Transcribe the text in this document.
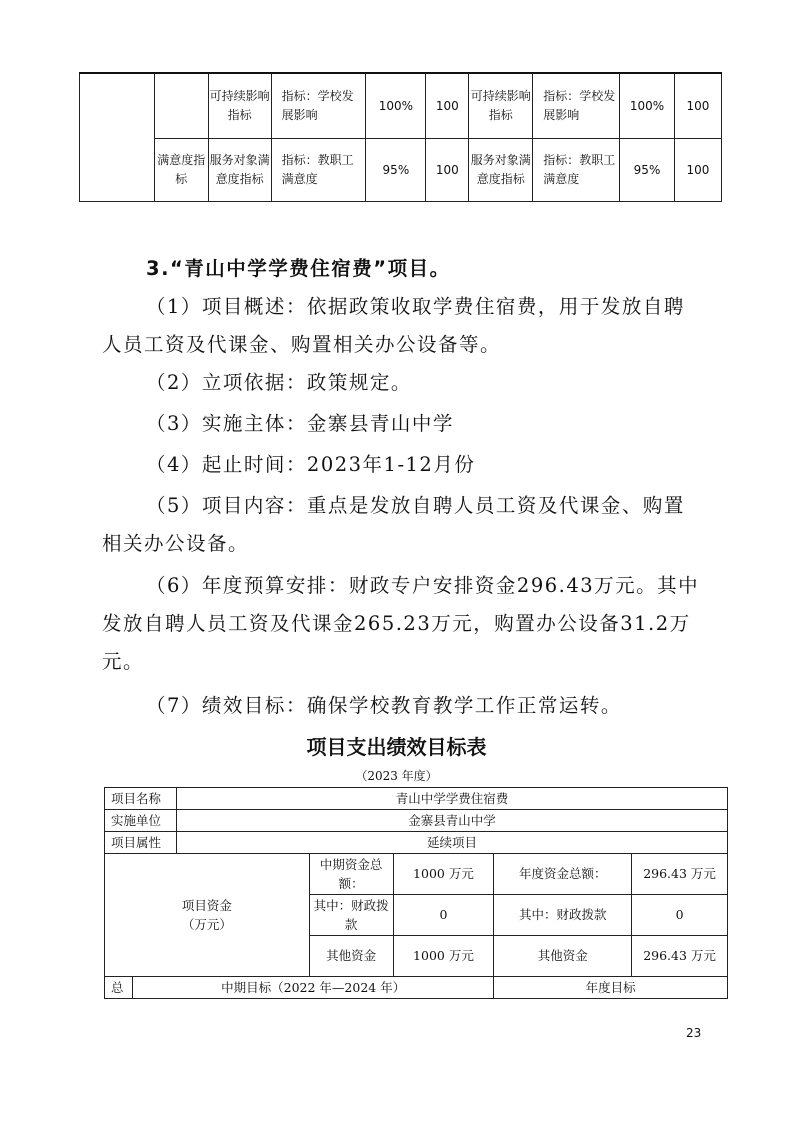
		可持续影响指标	指标：学校发展影响	100%	100	可持续影响指标	指标：学校发展影响	100%	100
	满意度指标	服务对象满意度指标	指标：教职工满意度	95%	100	服务对象满意度指标	指标：教职工满意度	95%	100

3.“青山中学学费住宿费”项目。

（1）项目概述：依据政策收取学费住宿费，用于发放自聘人员工资及代课金、购置相关办公设备等。

（2）立项依据：政策规定。

（3）实施主体：金寨县青山中学

（4）起止时间：2023年1-12月份

（5）项目内容：重点是发放自聘人员工资及代课金、购置相关办公设备。

（6）年度预算安排：财政专户安排资金296.43万元。其中发放自聘人员工资及代课金265.23万元，购置办公设备31.2万元。

（7）绩效目标：确保学校教育教学工作正常运转。

项目支出绩效目标表

（2023 年度）

项目名称		青山中学学费住宿费				
实施单位		金寨县青山中学				
项目属性		延续项目				
项目资金（万元）			中期资金总额：	1000 万元	年度资金总额：	296.43 万元
			其中：财政拨款	0	其中：财政拨款	0
			其他资金	1000 万元	其他资金	296.43 万元
总	中期目标（2022 年—2024 年）				年度目标	
23
